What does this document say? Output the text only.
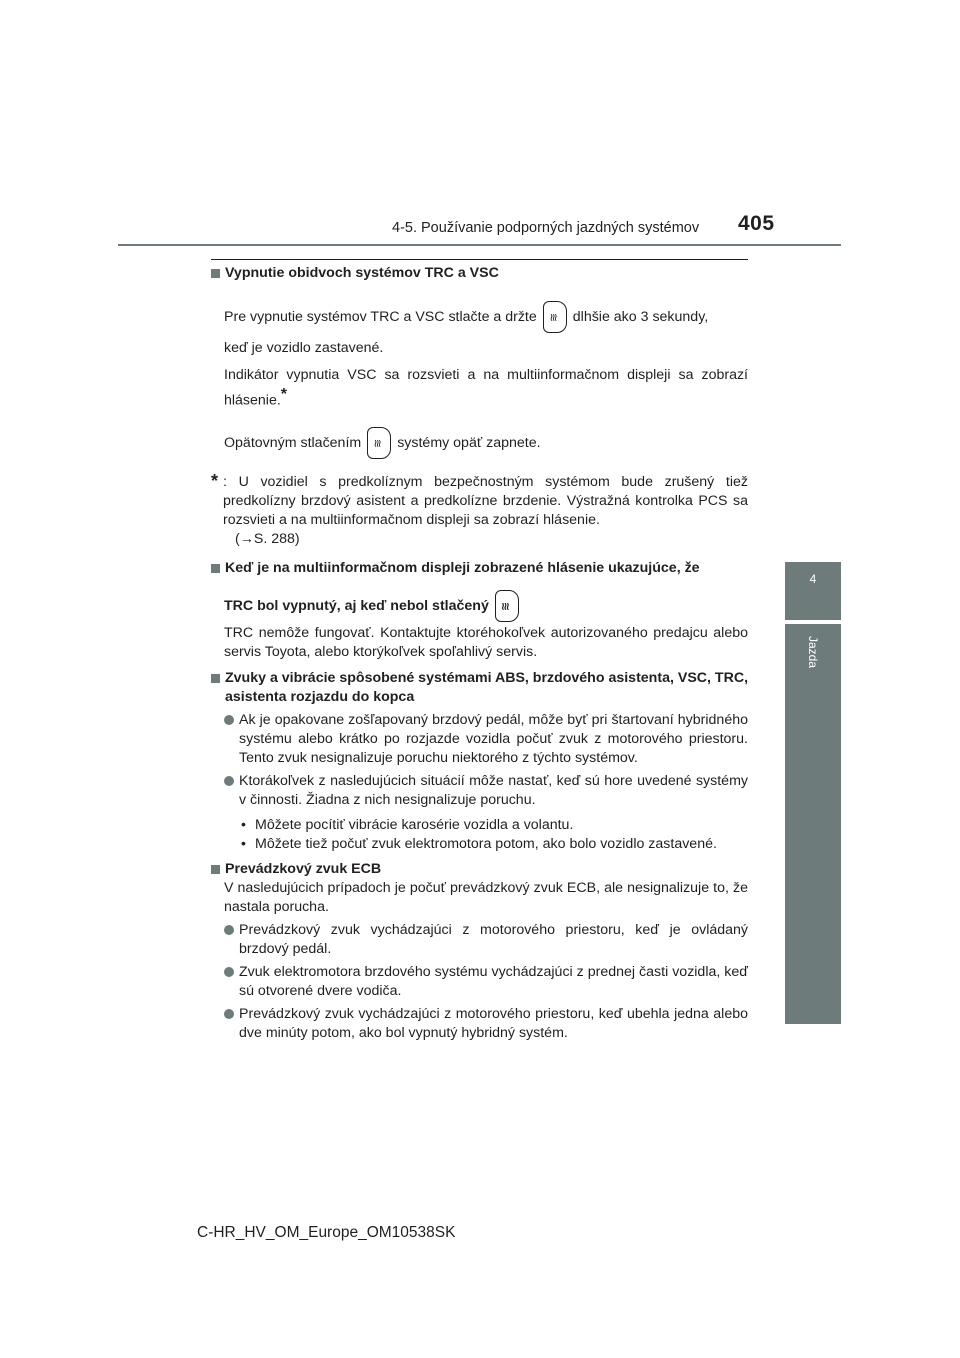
4-5. Používanie podporných jazdných systémov 405
4
Jazda

Vypnutie obidvoch systémov TRC a VSC

Pre vypnutie systémov TRC a VSC stlačte a držte ≋	dlhšie ako 3 sekundy,

keď je vozidlo zastavené.

Indikátor vypnutia VSC sa rozsvieti a na multiinformačnom displeji sa zobrazí hlásenie.*

Opätovným stlačením ≋	systémy opäť zapnete.

* : U vozidiel s predkolíznym bezpečnostným systémom bude zrušený tiež predkolízny brzdový asistent a predkolízne brzdenie. Výstražná kontrolka PCS sa rozsvieti a na multiinformačnom displeji sa zobrazí hlásenie.
(→S. 288)

Keď je na multiinformačnom displeji zobrazené hlásenie ukazujúce, že

TRC bol vypnutý, aj keď nebol stlačený≋

TRC nemôže fungovať. Kontaktujte ktoréhokoľvek autorizovaného predajcu alebo servis Toyota, alebo ktorýkoľvek spoľahlivý servis.

Zvuky a vibrácie spôsobené systémami ABS, brzdového asistenta, VSC, TRC, asistenta rozjazdu do kopca

Ak je opakovane zošľapovaný brzdový pedál, môže byť pri štartovaní hybridného systému alebo krátko po rozjazde vozidla počuť zvuk z motorového priestoru. Tento zvuk nesignalizuje poruchu niektorého z týchto systémov.
Ktorákoľvek z nasledujúcich situácií môže nastať, keď sú hore uvedené systémy v činnosti. Žiadna z nich nesignalizuje poruchu.
• Môžete pocítiť vibrácie karosérie vozidla a volantu.
• Môžete tiež počuť zvuk elektromotora potom, ako bolo vozidlo zastavené.

Prevádzkový zvuk ECB

V nasledujúcich prípadoch je počuť prevádzkový zvuk ECB, ale nesignalizuje to, že nastala porucha.

Prevádzkový zvuk vychádzajúci z motorového priestoru, keď je ovládaný brzdový pedál.
Zvuk elektromotora brzdového systému vychádzajúci z prednej časti vozidla, keď sú otvorené dvere vodiča.
Prevádzkový zvuk vychádzajúci z motorového priestoru, keď ubehla jedna alebo dve minúty potom, ako bol vypnutý hybridný systém.
C-HR_HV_OM_Europe_OM10538SK
